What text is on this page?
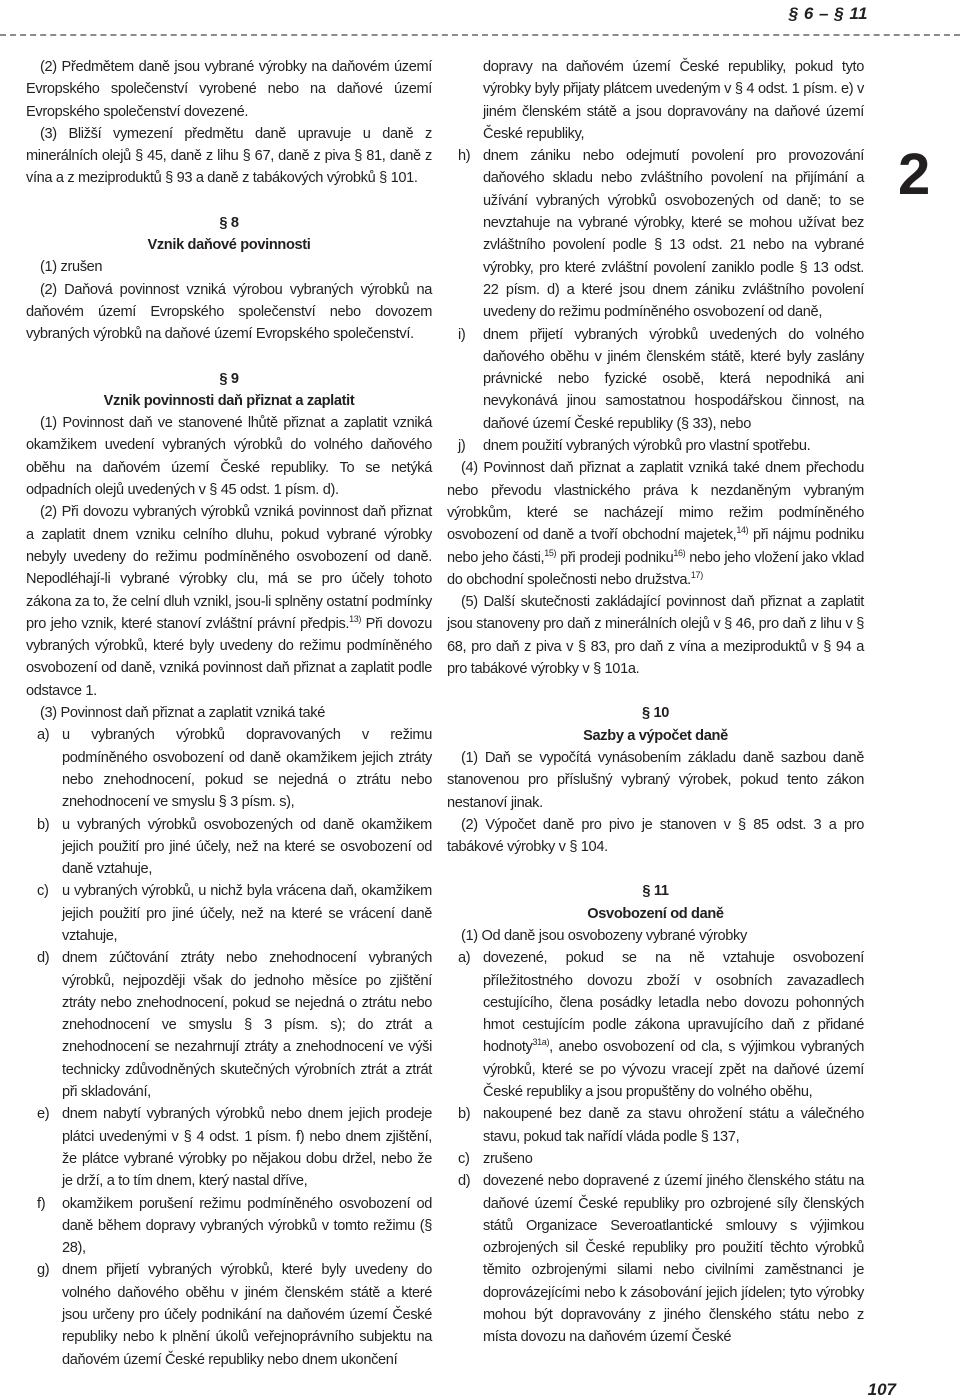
§ 6 – § 11

(2) Předmětem daně jsou vybrané výrobky na daňovém území Evropského společenství vyrobené nebo na daňové území Evropského společenství dovezené.

(3) Bližší vymezení předmětu daně upravuje u daně z minerálních olejů § 45, daně z lihu § 67, daně z piva § 81, daně z vína a z meziproduktů § 93 a daně z tabákových výrobků § 101.

§ 8
Vznik daňové povinnosti

(1) zrušen

(2) Daňová povinnost vzniká výrobou vybraných výrobků na daňovém území Evropského společenství nebo dovozem vybraných výrobků na daňové území Evropského společenství.

§ 9
Vznik povinnosti daň přiznat a zaplatit

(1) Povinnost daň ve stanovené lhůtě přiznat a zaplatit vzniká okamžikem uvedení vybraných výrobků do volného daňového oběhu na daňovém území České republiky. To se netýká odpadních olejů uvedených v § 45 odst. 1 písm. d).

(2) Při dovozu vybraných výrobků vzniká povinnost daň přiznat a zaplatit dnem vzniku celního dluhu, pokud vybrané výrobky nebyly uvedeny do režimu podmíněného osvobození od daně. Nepodléhají-li vybrané výrobky clu, má se pro účely tohoto zákona za to, že celní dluh vznikl, jsou-li splněny ostatní podmínky pro jeho vznik, které stanoví zvláštní právní předpis.$^{13)}$ Při dovozu vybraných výrobků, které byly uvedeny do režimu podmíněného osvobození od daně, vzniká povinnost daň přiznat a zaplatit podle odstavce 1.

(3) Povinnost daň přiznat a zaplatit vzniká také

a) u vybraných výrobků dopravovaných v režimu podmíněného osvobození od daně okamžikem jejich ztráty nebo znehodnocení, pokud se nejedná o ztrátu nebo znehodnocení ve smyslu § 3 písm. s),
b) u vybraných výrobků osvobozených od daně okamžikem jejich použití pro jiné účely, než na které se osvobození od daně vztahuje,
c) u vybraných výrobků, u nichž byla vrácena daň, okamžikem jejich použití pro jiné účely, než na které se vrácení daně vztahuje,
d) dnem zúčtování ztráty nebo znehodnocení vybraných výrobků, nejpozději však do jednoho měsíce po zjištění ztráty nebo znehodnocení, pokud se nejedná o ztrátu nebo znehodnocení ve smyslu § 3 písm. s); do ztrát a znehodnocení se nezahrnují ztráty a znehodnocení ve výši technicky zdůvodněných skutečných výrobních ztrát a ztrát při skladování,
e) dnem nabytí vybraných výrobků nebo dnem jejich prodeje plátci uvedenými v § 4 odst. 1 písm. f) nebo dnem zjištění, že plátce vybrané výrobky po nějakou dobu držel, nebo že je drží, a to tím dnem, který nastal dříve,
f)	okamžikem porušení režimu podmíněného osvobození od daně během dopravy vybraných výrobků v tomto režimu (§ 28),
g) dnem přijetí vybraných výrobků, které byly uvedeny do volného daňového oběhu v jiném členském státě a které jsou určeny pro účely podnikání na daňovém území České republiky nebo k plnění úkolů veřejnoprávního subjektu na daňovém území České republiky nebo dnem ukončení
dopravy na daňovém území České republiky, pokud tyto výrobky byly přijaty plátcem uvedeným v § 4 odst. 1 písm. e) v jiném členském státě a jsou dopravovány na daňové území České republiky,
h) dnem zániku nebo odejmutí povolení pro provozování daňového skladu nebo zvláštního povolení na přijímání a užívání vybraných výrobků osvobozených od daně; to se nevztahuje na vybrané výrobky, které se mohou užívat bez zvláštního povolení podle § 13 odst. 21 nebo na vybrané výrobky, pro které zvláštní povolení zaniklo podle § 13 odst. 22 písm. d) a které jsou dnem zániku zvláštního povolení uvedeny do režimu podmíněného osvobození od daně,
i)	dnem přijetí vybraných výrobků uvedených do volného daňového oběhu v jiném členském státě, které byly zaslány právnické nebo fyzické osobě, která nepodniká ani nevykonává jinou samostatnou hospodářskou činnost, na daňové území České republiky (§ 33), nebo
j)	dnem použití vybraných výrobků pro vlastní spotřebu.

(4) Povinnost daň přiznat a zaplatit vzniká také dnem přechodu nebo převodu vlastnického práva k nezdaněným vybraným výrobkům, které se nacházejí mimo režim podmíněného osvobození od daně a tvoří obchodní majetek,$^{14)}$ při nájmu podniku nebo jeho části,$^{15)}$ při prodeji podniku$^{16)}$ nebo jeho vložení jako vklad do obchodní společnosti nebo družstva.$^{17)}$

(5) Další skutečnosti zakládající povinnost daň přiznat a zaplatit jsou stanoveny pro daň z minerálních olejů v § 46, pro daň z lihu v § 68, pro daň z piva v § 83, pro daň z vína a meziproduktů v § 94 a pro tabákové výrobky v § 101a.

§ 10
Sazby a výpočet daně

(1) Daň se vypočítá vynásobením základu daně sazbou daně stanovenou pro příslušný vybraný výrobek, pokud tento zákon nestanoví jinak.

(2) Výpočet daně pro pivo je stanoven v § 85 odst. 3 a pro tabákové výrobky v § 104.

§ 11
Osvobození od daně

(1) Od daně jsou osvobozeny vybrané výrobky

a) dovezené, pokud se na ně vztahuje osvobození příležitostného dovozu zboží v osobních zavazadlech cestujícího, člena posádky letadla nebo dovozu pohonných hmot cestujícím podle zákona upravujícího daň z přidané hodnoty$^{31a)}$, anebo osvobození od cla, s výjimkou vybraných výrobků, které se po vývozu vracejí zpět na daňové území České republiky a jsou propuštěny do volného oběhu,
b) nakoupené bez daně za stavu ohrožení státu a válečného stavu, pokud tak nařídí vláda podle § 137,
c) zrušeno
d) dovezené nebo dopravené z území jiného členského státu na daňové území České republiky pro ozbrojené síly členských států Organizace Severoatlantické smlouvy s výjimkou ozbrojených sil České republiky pro použití těchto výrobků těmito ozbrojenými silami nebo civilními zaměstnanci je doprovázejícími nebo k zásobování jejich jídelen; tyto výrobky mohou být dopravovány z jiného členského státu nebo z místa dovozu na daňovém území České
2
107
